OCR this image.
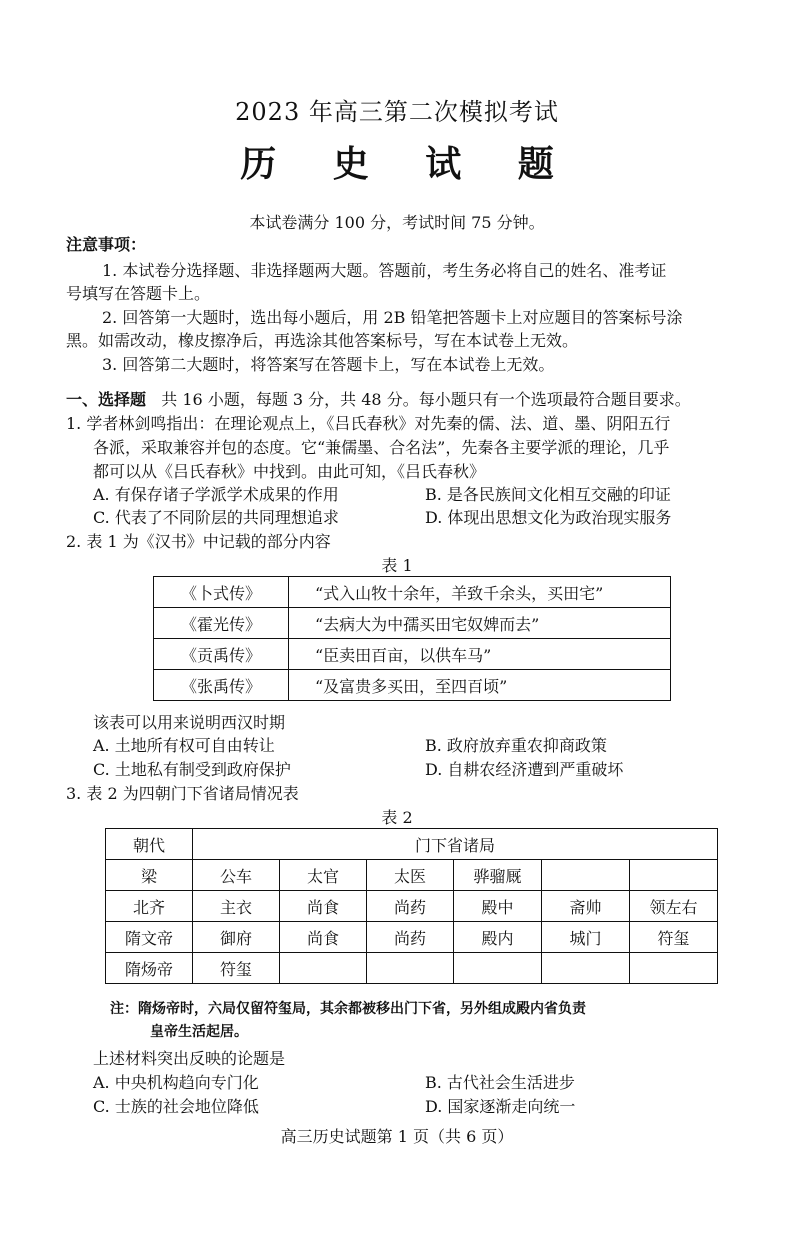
2023 年高三第二次模拟考试
历 史 试 题
本试卷满分 100 分，考试时间 75 分钟。
注意事项：
1. 本试卷分选择题、非选择题两大题。答题前，考生务必将自己的姓名、准考证
号填写在答题卡上。
2. 回答第一大题时，选出每小题后，用 2B 铅笔把答题卡上对应题目的答案标号涂
黑。如需改动，橡皮擦净后，再选涂其他答案标号，写在本试卷上无效。
3. 回答第二大题时，将答案写在答题卡上，写在本试卷上无效。
一、选择题 共 16 小题，每题 3 分，共 48 分。每小题只有一个选项最符合题目要求。
1. 学者林剑鸣指出：在理论观点上，《吕氏春秋》对先秦的儒、法、道、墨、阴阳五行
各派，采取兼容并包的态度。它“兼儒墨、合名法”，先秦各主要学派的理论，几乎
都可以从《吕氏春秋》中找到。由此可知，《吕氏春秋》
A. 有保存诸子学派学术成果的作用	B. 是各民族间文化相互交融的印证
C. 代表了不同阶层的共同理想追求	D. 体现出思想文化为政治现实服务
2. 表 1 为《汉书》中记载的部分内容
表 1
《卜式传》	“式入山牧十余年，羊致千余头，买田宅”
《霍光传》	“去病大为中孺买田宅奴婢而去”
《贡禹传》	“臣卖田百亩，以供车马”
《张禹传》	“及富贵多买田，至四百顷”
该表可以用来说明西汉时期
A. 土地所有权可自由转让	B. 政府放弃重农抑商政策
C. 土地私有制受到政府保护	D. 自耕农经济遭到严重破坏
3. 表 2 为四朝门下省诸局情况表
表 2
朝代	门下省诸局					
梁	公车	太官	太医	骅骝厩		
北齐	主衣	尚食	尚药	殿中	斋帅	领左右
隋文帝	御府	尚食	尚药	殿内	城门	符玺
隋炀帝	符玺					
注：隋炀帝时，六局仅留符玺局，其余都被移出门下省，另外组成殿内省负责
皇帝生活起居。
上述材料突出反映的论题是
A. 中央机构趋向专门化	B. 古代社会生活进步
C. 士族的社会地位降低	D. 国家逐渐走向统一
高三历史试题第 1 页（共 6 页）
